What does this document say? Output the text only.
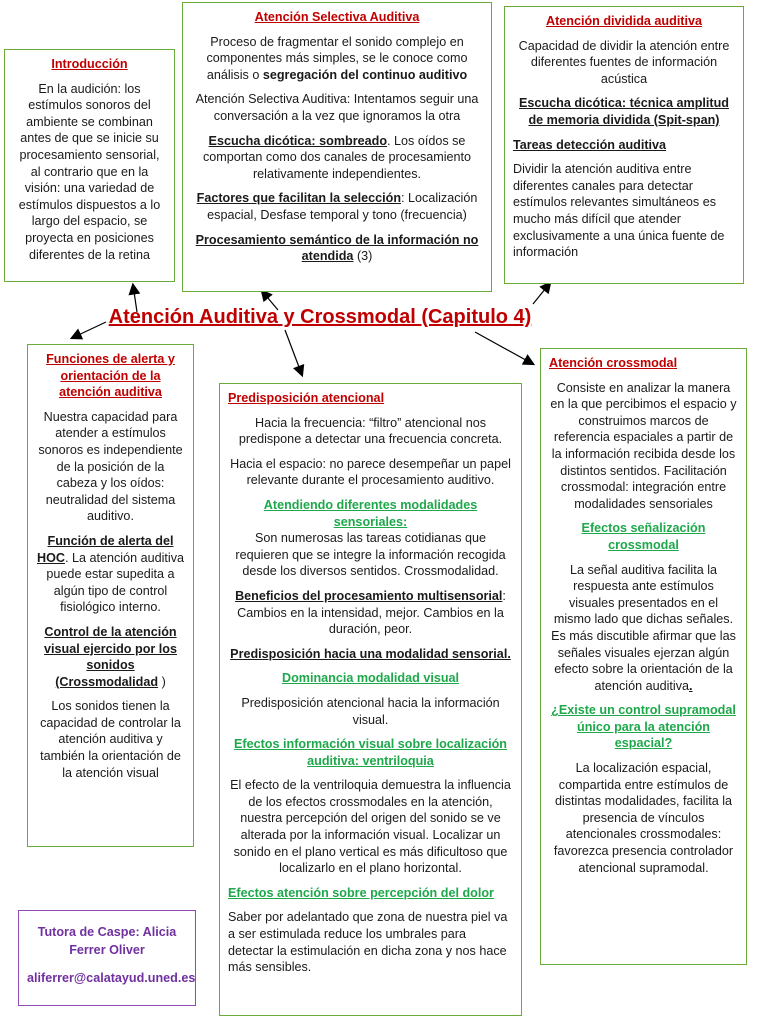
Introducción

En la audición: los estímulos sonoros del ambiente se combinan antes de que se inicie su procesamiento sensorial, al contrario que en la visión: una variedad de estímulos dispuestos a lo largo del espacio, se proyecta en posiciones diferentes de la retina

Atención Selectiva Auditiva

Proceso de fragmentar el sonido complejo en componentes más simples, se le conoce como análisis o segregación del continuo auditivo

Atención Selectiva Auditiva: Intentamos seguir una conversación a la vez que ignoramos la otra

Escucha dicótica: sombreado. Los oídos se comportan como dos canales de procesamiento relativamente independientes.

Factores que facilitan la selección: Localización espacial, Desfase temporal y tono (frecuencia)

Procesamiento semántico de la información no atendida (3)

Atención dividida auditiva

Capacidad de dividir la atención entre diferentes fuentes de información acústica

Escucha dicótica: técnica amplitud de memoria dividida (Spit-span)

Tareas detección auditiva

Dividir la atención auditiva entre diferentes canales para detectar estímulos relevantes simultáneos es mucho más difícil que atender exclusivamente a una única fuente de información

Atención Auditiva y Crossmodal (Capitulo 4)
Funciones de alerta y orientación de la atención auditiva

Nuestra capacidad para atender a estímulos sonoros es independiente de la posición de la cabeza y los oídos: neutralidad del sistema auditivo.

Función de alerta del HOC. La atención auditiva puede estar supedita a algún tipo de control fisiológico interno.

Control de la atención visual ejercido por los sonidos (Crossmodalidad )

Los sonidos tienen la capacidad de controlar la atención auditiva y también la orientación de la atención visual

Predisposición atencional

Hacia la frecuencia: “filtro” atencional nos predispone a detectar una frecuencia concreta.

Hacia el espacio: no parece desempeñar un papel relevante durante el procesamiento auditivo.

Atendiendo diferentes modalidades sensoriales:

Son numerosas las tareas cotidianas que requieren que se integre la información recogida desde los diversos sentidos. Crossmodalidad.

Beneficios del procesamiento multisensorial: Cambios en la intensidad, mejor. Cambios en la duración, peor.

Predisposición hacia una modalidad sensorial.

Dominancia modalidad visual

Predisposición atencional hacia la información visual.

Efectos información visual sobre localización auditiva: ventriloquia

El efecto de la ventriloquia demuestra la influencia de los efectos crossmodales en la atención, nuestra percepción del origen del sonido se ve alterada por la información visual. Localizar un sonido en el plano vertical es más dificultoso que localizarlo en el plano horizontal.

Efectos atención sobre percepción del dolor

Saber por adelantado que zona de nuestra piel va a ser estimulada reduce los umbrales para detectar la estimulación en dicha zona y nos hace más sensibles.

Atención crossmodal

Consiste en analizar la manera en la que percibimos el espacio y construimos marcos de referencia espaciales a partir de la información recibida desde los distintos sentidos. Facilitación crossmodal: integración entre modalidades sensoriales

Efectos señalización crossmodal

La señal auditiva facilita la respuesta ante estímulos visuales presentados en el mismo lado que dichas señales. Es más discutible afirmar que las señales visuales ejerzan algún efecto sobre la orientación de la atención auditiva.

¿Existe un control supramodal único para la atención espacial?

La localización espacial, compartida entre estímulos de distintas modalidades, facilita la presencia de vínculos atencionales crossmodales: favorezca presencia controlador atencional supramodal.

Tutora de Caspe: Alicia Ferrer Oliver
aliferrer@calatayud.uned.es
